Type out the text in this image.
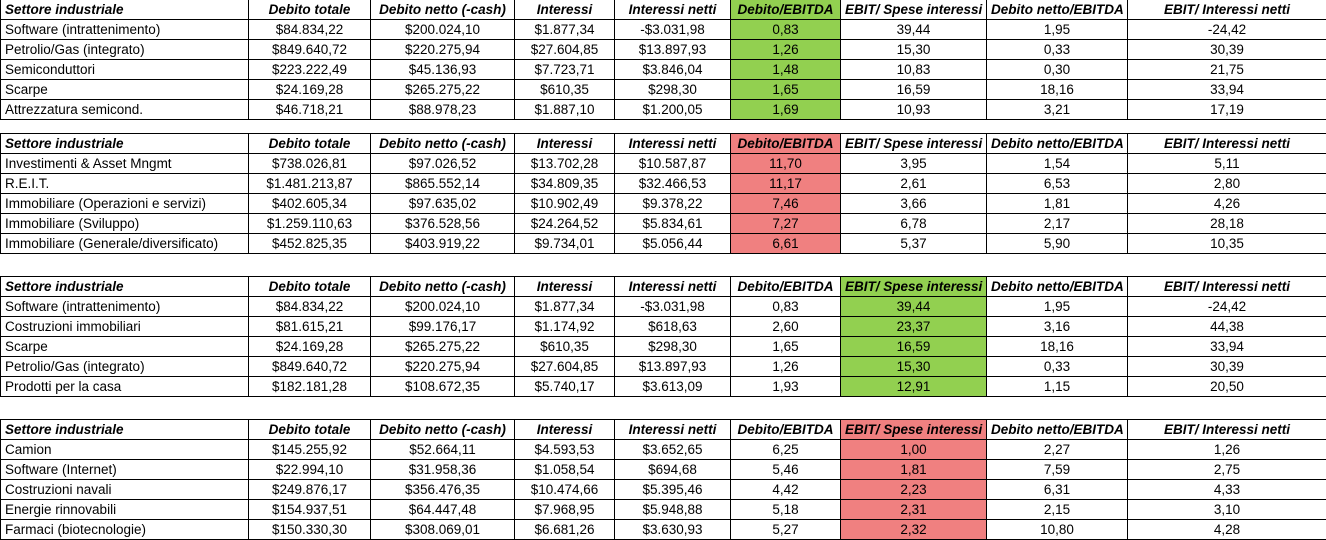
Settore industriale	Debito totale	Debito netto (-cash)	Interessi	Interessi netti	Debito/EBITDA	EBIT/ Spese interessi	Debito netto/EBITDA	EBIT/ Interessi netti
Software (intrattenimento)	$84.834,22	$200.024,10	$1.877,34	-$3.031,98	0,83	39,44	1,95	-24,42
Petrolio/Gas (integrato)	$849.640,72	$220.275,94	$27.604,85	$13.897,93	1,26	15,30	0,33	30,39
Semiconduttori	$223.222,49	$45.136,93	$7.723,71	$3.846,04	1,48	10,83	0,30	21,75
Scarpe	$24.169,28	$265.275,22	$610,35	$298,30	1,65	16,59	18,16	33,94
Attrezzatura semicond.	$46.718,21	$88.978,23	$1.887,10	$1.200,05	1,69	10,93	3,21	17,19
Settore industriale	Debito totale	Debito netto (-cash)	Interessi	Interessi netti	Debito/EBITDA	EBIT/ Spese interessi	Debito netto/EBITDA	EBIT/ Interessi netti
Investimenti & Asset Mngmt	$738.026,81	$97.026,52	$13.702,28	$10.587,87	11,70	3,95	1,54	5,11
R.E.I.T.	$1.481.213,87	$865.552,14	$34.809,35	$32.466,53	11,17	2,61	6,53	2,80
Immobiliare (Operazioni e servizi)	$402.605,34	$97.635,02	$10.902,49	$9.378,22	7,46	3,66	1,81	4,26
Immobiliare (Sviluppo)	$1.259.110,63	$376.528,56	$24.264,52	$5.834,61	7,27	6,78	2,17	28,18
Immobiliare (Generale/diversificato)	$452.825,35	$403.919,22	$9.734,01	$5.056,44	6,61	5,37	5,90	10,35
Settore industriale	Debito totale	Debito netto (-cash)	Interessi	Interessi netti	Debito/EBITDA	EBIT/ Spese interessi	Debito netto/EBITDA	EBIT/ Interessi netti
Software (intrattenimento)	$84.834,22	$200.024,10	$1.877,34	-$3.031,98	0,83	39,44	1,95	-24,42
Costruzioni immobiliari	$81.615,21	$99.176,17	$1.174,92	$618,63	2,60	23,37	3,16	44,38
Scarpe	$24.169,28	$265.275,22	$610,35	$298,30	1,65	16,59	18,16	33,94
Petrolio/Gas (integrato)	$849.640,72	$220.275,94	$27.604,85	$13.897,93	1,26	15,30	0,33	30,39
Prodotti per la casa	$182.181,28	$108.672,35	$5.740,17	$3.613,09	1,93	12,91	1,15	20,50
Settore industriale	Debito totale	Debito netto (-cash)	Interessi	Interessi netti	Debito/EBITDA	EBIT/ Spese interessi	Debito netto/EBITDA	EBIT/ Interessi netti
Camion	$145.255,92	$52.664,11	$4.593,53	$3.652,65	6,25	1,00	2,27	1,26
Software (Internet)	$22.994,10	$31.958,36	$1.058,54	$694,68	5,46	1,81	7,59	2,75
Costruzioni navali	$249.876,17	$356.476,35	$10.474,66	$5.395,46	4,42	2,23	6,31	4,33
Energie rinnovabili	$154.937,51	$64.447,48	$7.968,95	$5.948,88	5,18	2,31	2,15	3,10
Farmaci (biotecnologie)	$150.330,30	$308.069,01	$6.681,26	$3.630,93	5,27	2,32	10,80	4,28
